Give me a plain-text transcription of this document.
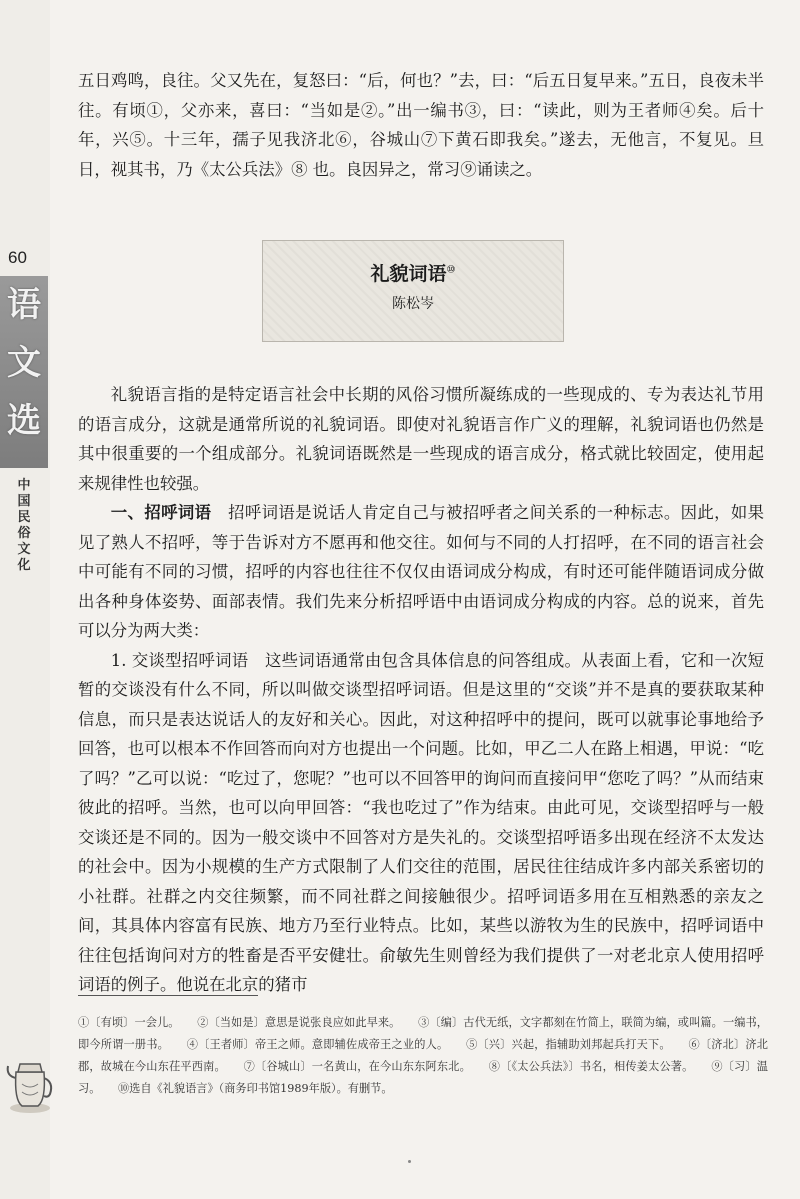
60
语
文
选
中国民俗文化

五日鸡鸣，良往。父又先在，复怒曰：“后，何也？”去，曰：“后五日复早来。”五日，良夜未半往。有顷①，父亦来，喜曰：“当如是②。”出一编书③，曰：“读此，则为王者师④矣。后十年，兴⑤。十三年，孺子见我济北⑥，谷城山⑦下黄石即我矣。”遂去，无他言，不复见。旦日，视其书，乃《太公兵法》⑧ 也。良因异之，常习⑨诵读之。

礼貌词语⑩
陈松岑

礼貌语言指的是特定语言社会中长期的风俗习惯所凝练成的一些现成的、专为表达礼节用的语言成分，这就是通常所说的礼貌词语。即使对礼貌语言作广义的理解，礼貌词语也仍然是其中很重要的一个组成部分。礼貌词语既然是一些现成的语言成分，格式就比较固定，使用起来规律性也较强。

一、招呼词语　 招呼词语是说话人肯定自己与被招呼者之间关系的一种标志。因此，如果见了熟人不招呼，等于告诉对方不愿再和他交往。如何与不同的人打招呼，在不同的语言社会中可能有不同的习惯，招呼的内容也往往不仅仅由语词成分构成，有时还可能伴随语词成分做出各种身体姿势、面部表情。我们先来分析招呼语中由语词成分构成的内容。总的说来，首先可以分为两大类：

1. 交谈型招呼词语　 这些词语通常由包含具体信息的问答组成。从表面上看，它和一次短暂的交谈没有什么不同，所以叫做交谈型招呼词语。但是这里的“交谈”并不是真的要获取某种信息，而只是表达说话人的友好和关心。因此，对这种招呼中的提问，既可以就事论事地给予回答，也可以根本不作回答而向对方也提出一个问题。比如，甲乙二人在路上相遇，甲说：“吃了吗？”乙可以说：“吃过了，您呢？”也可以不回答甲的询问而直接问甲“您吃了吗？”从而结束彼此的招呼。当然，也可以向甲回答：“我也吃过了”作为结束。由此可见，交谈型招呼与一般交谈还是不同的。因为一般交谈中不回答对方是失礼的。交谈型招呼语多出现在经济不太发达的社会中。因为小规模的生产方式限制了人们交往的范围，居民往往结成许多内部关系密切的小社群。社群之内交往频繁，而不同社群之间接触很少。招呼词语多用在互相熟悉的亲友之间，其具体内容富有民族、地方乃至行业特点。比如，某些以游牧为生的民族中，招呼词语中往往包括询问对方的牲畜是否平安健壮。俞敏先生则曾经为我们提供了一对老北京人使用招呼词语的例子。他说在北京的猪市

①〔有顷〕一会儿。 ②〔当如是〕意思是说张良应如此早来。 ③〔编〕古代无纸，文字都刻在竹简上，联简为编，或叫篇。一编书，即今所谓一册书。 ④〔王者师〕帝王之师。意即辅佐成帝王之业的人。 ⑤〔兴〕兴起，指辅助刘邦起兵打天下。 ⑥〔济北〕济北郡，故城在今山东茌平西南。 ⑦〔谷城山〕一名黄山，在今山东东阿东北。 ⑧〔《太公兵法》〕书名，相传姜太公著。 ⑨〔习〕温习。 ⑩选自《礼貌语言》（商务印书馆1989年版）。有删节。
